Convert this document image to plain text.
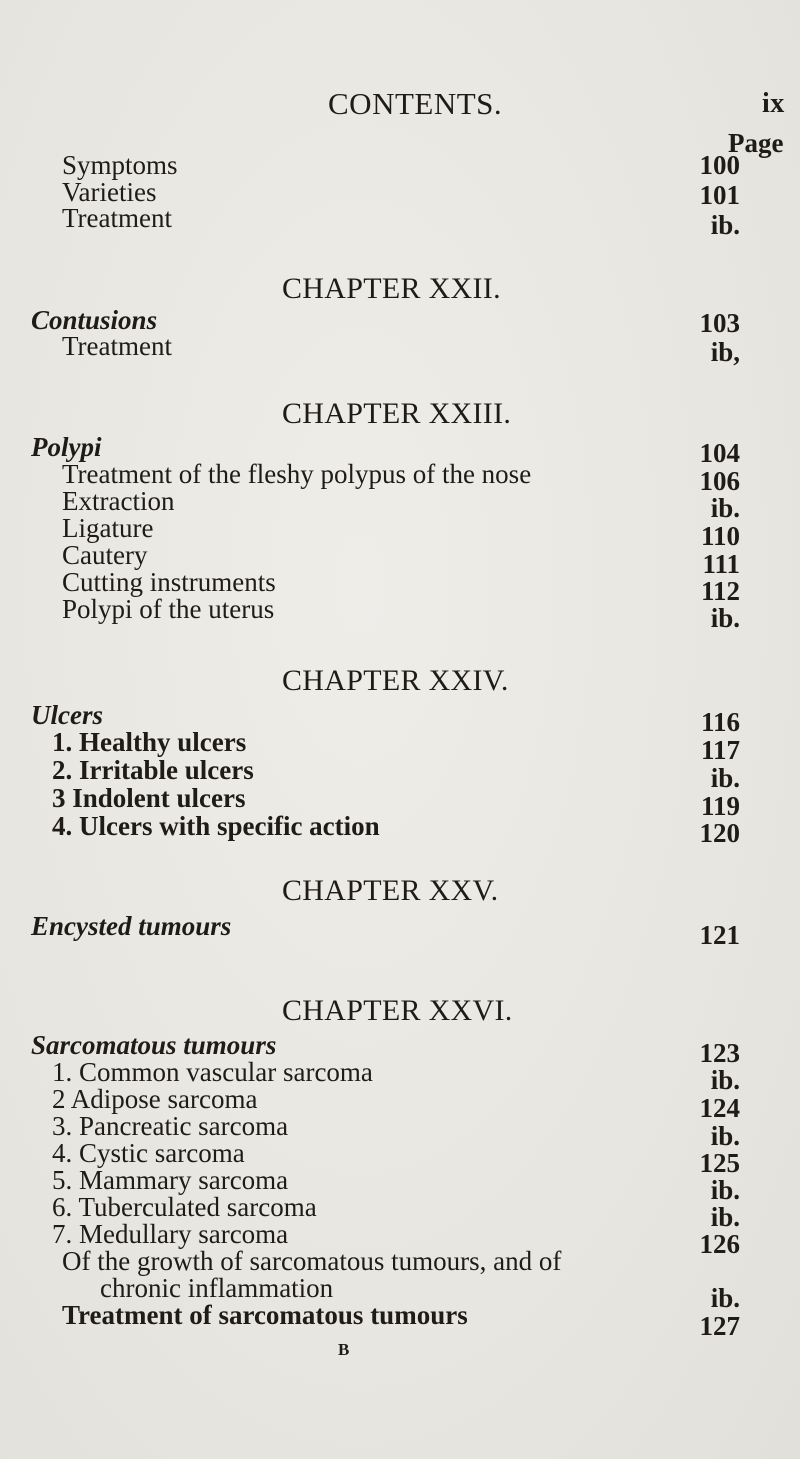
CONTENTS.	ix
Page
Symptoms	100
Varieties	101
Treatment	ib.
CHAPTER XXII.
Contusions	103
Treatment	ib,
CHAPTER XXIII.
Polypi	104
Treatment of the fleshy polypus of the nose	106
Extraction	ib.
Ligature	110
Cautery	111
Cutting instruments	112
Polypi of the uterus	ib.
CHAPTER XXIV.
Ulcers	116
1. Healthy ulcers	117
2. Irritable ulcers	ib.
3 Indolent ulcers	119
4. Ulcers with specific action	120
CHAPTER XXV.
Encysted tumours	121
CHAPTER XXVI.
Sarcomatous tumours	123
1. Common vascular sarcoma	ib.
2 Adipose sarcoma	124
3. Pancreatic sarcoma	ib.
4. Cystic sarcoma	125
5. Mammary sarcoma	ib.
6. Tuberculated sarcoma	ib.
7. Medullary sarcoma	126
Of the growth of sarcomatous tumours, and of
chronic inflammation	ib.
Treatment of sarcomatous tumours	127
B
